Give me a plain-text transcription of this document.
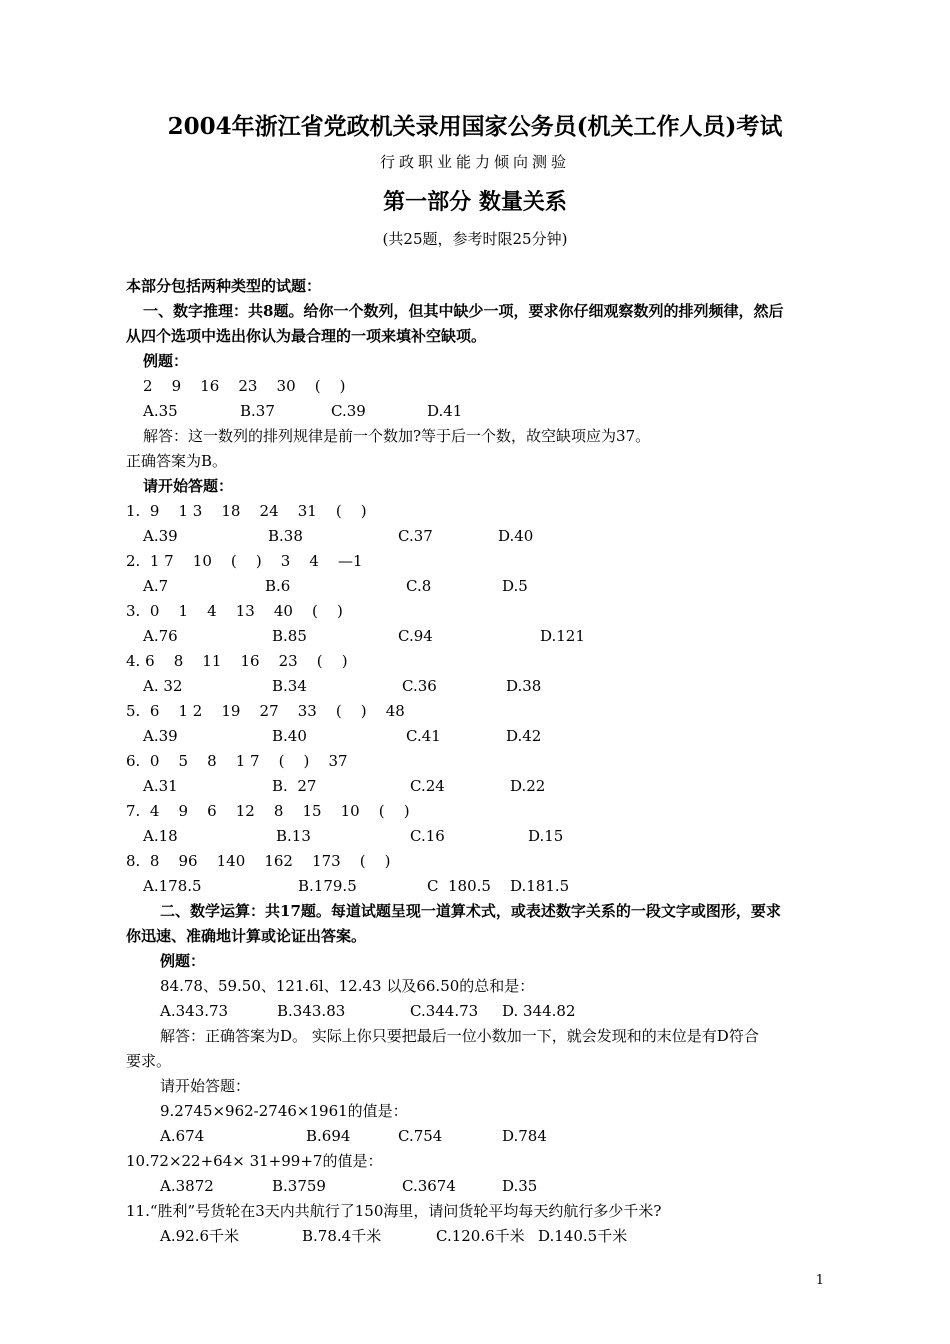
2004年浙江省党政机关录用国家公务员(机关工作人员)考试
行政职业能力倾向测验
第一部分 数量关系
(共25题，参考时限25分钟)
本部分包括两种类型的试题：
一、数字推理：共8题。给你一个数列，但其中缺少一项，要求你仔细观察数列的排列频律，然后
从四个选项中选出你认为最合理的一项来填补空缺项。
例题：
2    9    16    23    30    (    )
A.35	B.37	C.39	D.41
解答：这一数列的排列规律是前一个数加?等于后一个数，故空缺项应为37。
正确答案为B。
请开始答题：
1.  9    1 3    18    24    31    (    )
A.39	B.38	C.37	D.40
2.  1 7    10    (    )    3    4    —1
A.7	B.6	C.8	D.5
3.  0    1    4    13    40    (    )
A.76	B.85	C.94	D.121
4. 6    8    11    16    23    (    )
A. 32	B.34	C.36	D.38
5.  6    1 2    19    27    33    (    )    48
A.39	B.40	C.41	D.42
6.  0    5    8    1 7    (    )    37
A.31	B.  27	C.24	D.22
7.  4    9    6    12    8    15    10    (    )
A.18	B.13	C.16	D.15
8.  8    96    140    162    173    (    )
A.178.5	B.179.5	C  180.5 D.181.5
二、数学运算：共17题。每道试题呈现一道算术式，或表述数字关系的一段文字或图形，要求
你迅速、准确地计算或论证出答案。
例题：
84.78、59.50、121.6l、12.43 以及66.50的总和是：
A.343.73	B.343.83	C.344.73 D. 344.82
解答：正确答案为D。 实际上你只要把最后一位小数加一下，就会发现和的末位是有D符合
要求。
请开始答题：
9.2745×962-2746×1961的值是：
A.674	B.694	C.754	D.784
10.72×22+64× 31+99+7的值是：
A.3872	B.3759	C.3674	D.35
11.“胜利”号货轮在3天内共航行了150海里，请问货轮平均每天约航行多少千米?
A.92.6千米	B.78.4千米	C.120.6千米 D.140.5千米
1
